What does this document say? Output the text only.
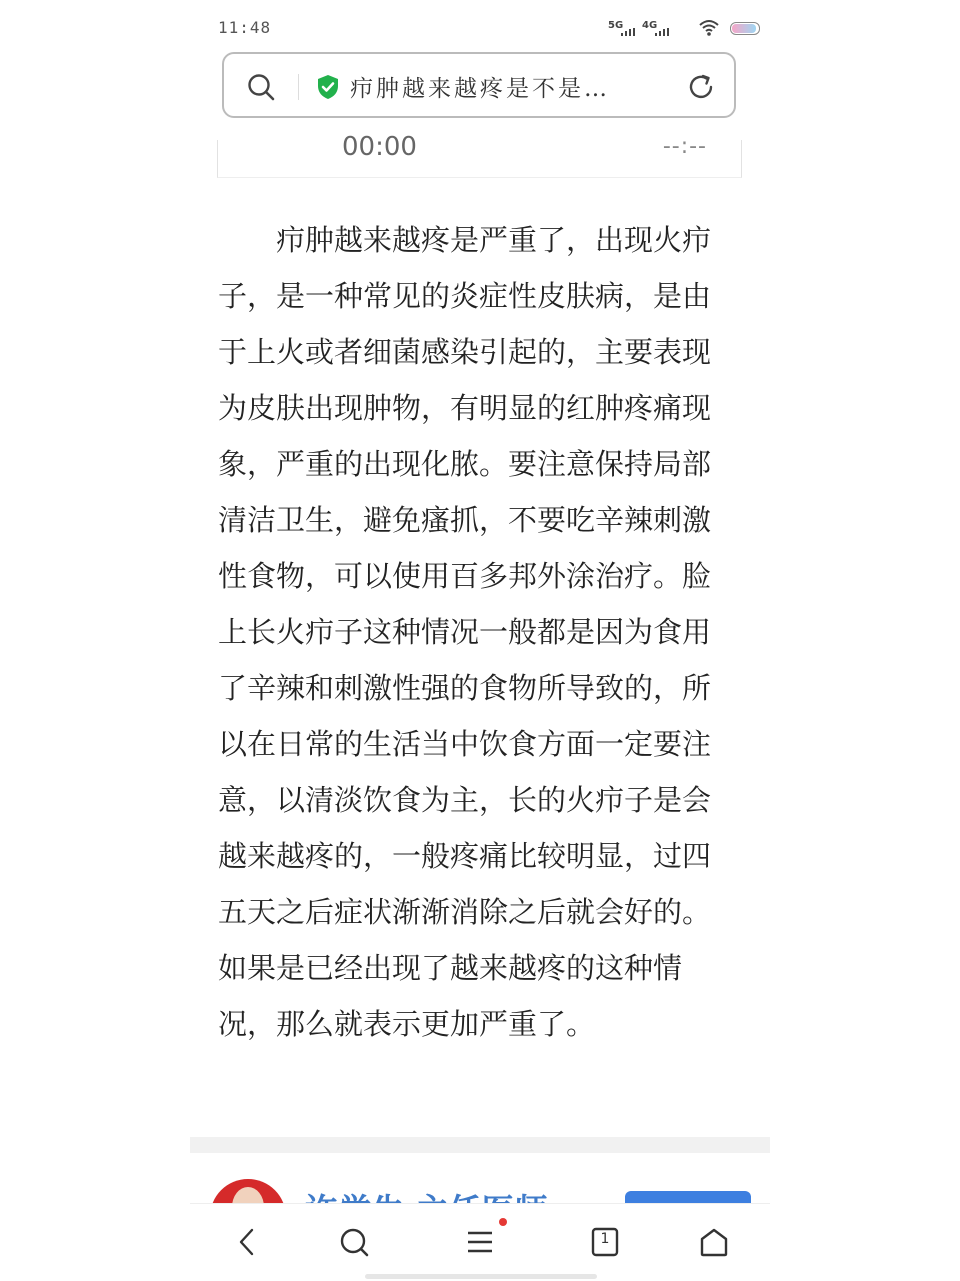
11:48	5G 4G
疖肿越来越疼是不是…
00:00	--:--

疖肿越来越疼是严重了，出现火疖子，是一种常见的炎症性皮肤病，是由于上火或者细菌感染引起的，主要表现为皮肤出现肿物，有明显的红肿疼痛现象，严重的出现化脓。要注意保持局部清洁卫生，避免瘙抓，不要吃辛辣刺激性食物，可以使用百多邦外涂治疗。脸上长火疖子这种情况一般都是因为食用了辛辣和刺激性强的食物所导致的，所以在日常的生活当中饮食方面一定要注意，以清淡饮食为主，长的火疖子是会越来越疼的，一般疼痛比较明显，过四五天之后症状渐渐消除之后就会好的。如果是已经出现了越来越疼的这种情况，那么就表示更加严重了。

1
